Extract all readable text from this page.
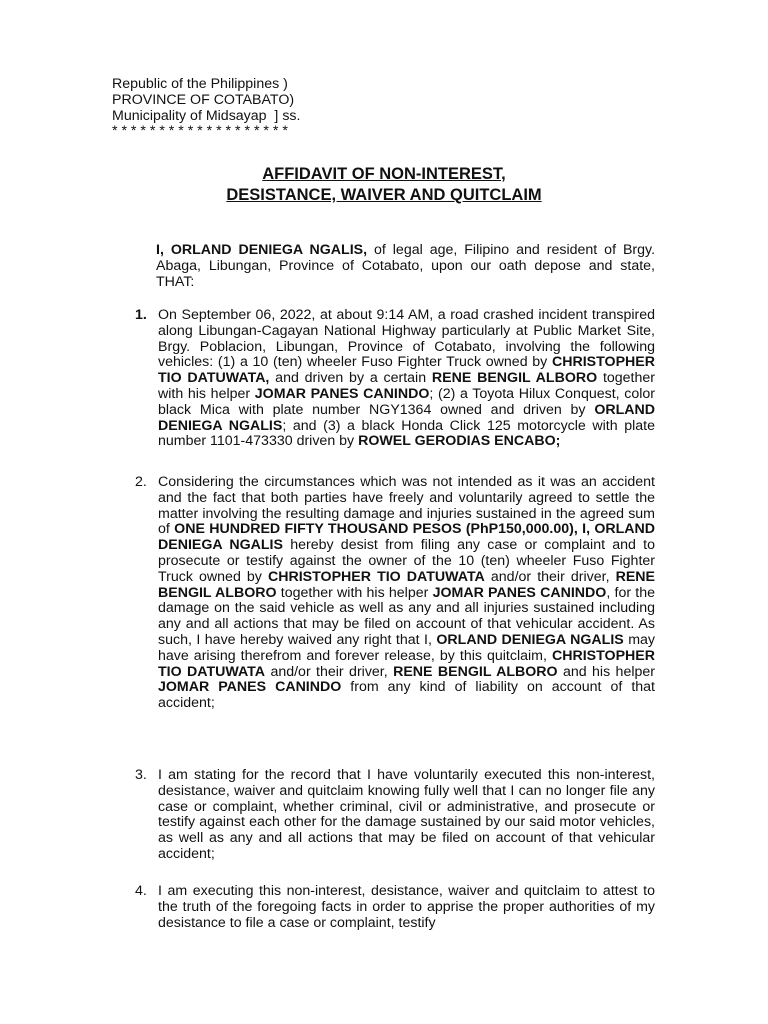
Republic of the Philippines )
PROVINCE OF COTABATO)
Municipality of Midsayap  ] ss.
* * * * * * * * * * * * * * * * * * *
AFFIDAVIT OF NON-INTEREST,
DESISTANCE, WAIVER AND QUITCLAIM
I, ORLAND DENIEGA NGALIS, of legal age, Filipino and resident of Brgy. Abaga, Libungan, Province of Cotabato, upon our oath depose and state, THAT:
1. On September 06, 2022, at about 9:14 AM, a road crashed incident transpired along Libungan-Cagayan National Highway particularly at Public Market Site, Brgy. Poblacion, Libungan, Province of Cotabato, involving the following vehicles: (1) a 10 (ten) wheeler Fuso Fighter Truck owned by CHRISTOPHER TIO DATUWATA, and driven by a certain RENE BENGIL ALBORO together with his helper JOMAR PANES CANINDO; (2) a Toyota Hilux Conquest, color black Mica with plate number NGY1364 owned and driven by ORLAND DENIEGA NGALIS; and (3) a black Honda Click 125 motorcycle with plate number 1101-473330 driven by ROWEL GERODIAS ENCABO;
2. Considering the circumstances which was not intended as it was an accident and the fact that both parties have freely and voluntarily agreed to settle the matter involving the resulting damage and injuries sustained in the agreed sum of ONE HUNDRED FIFTY THOUSAND PESOS (PhP150,000.00), I, ORLAND DENIEGA NGALIS hereby desist from filing any case or complaint and to prosecute or testify against the owner of the 10 (ten) wheeler Fuso Fighter Truck owned by CHRISTOPHER TIO DATUWATA and/or their driver, RENE BENGIL ALBORO together with his helper JOMAR PANES CANINDO, for the damage on the said vehicle as well as any and all injuries sustained including any and all actions that may be filed on account of that vehicular accident. As such, I have hereby waived any right that I, ORLAND DENIEGA NGALIS may have arising therefrom and forever release, by this quitclaim, CHRISTOPHER TIO DATUWATA and/or their driver, RENE BENGIL ALBORO and his helper JOMAR PANES CANINDO from any kind of liability on account of that accident;
3. I am stating for the record that I have voluntarily executed this non-interest, desistance, waiver and quitclaim knowing fully well that I can no longer file any case or complaint, whether criminal, civil or administrative, and prosecute or testify against each other for the damage sustained by our said motor vehicles, as well as any and all actions that may be filed on account of that vehicular accident;
4. I am executing this non-interest, desistance, waiver and quitclaim to attest to the truth of the foregoing facts in order to apprise the proper authorities of my desistance to file a case or complaint, testify
